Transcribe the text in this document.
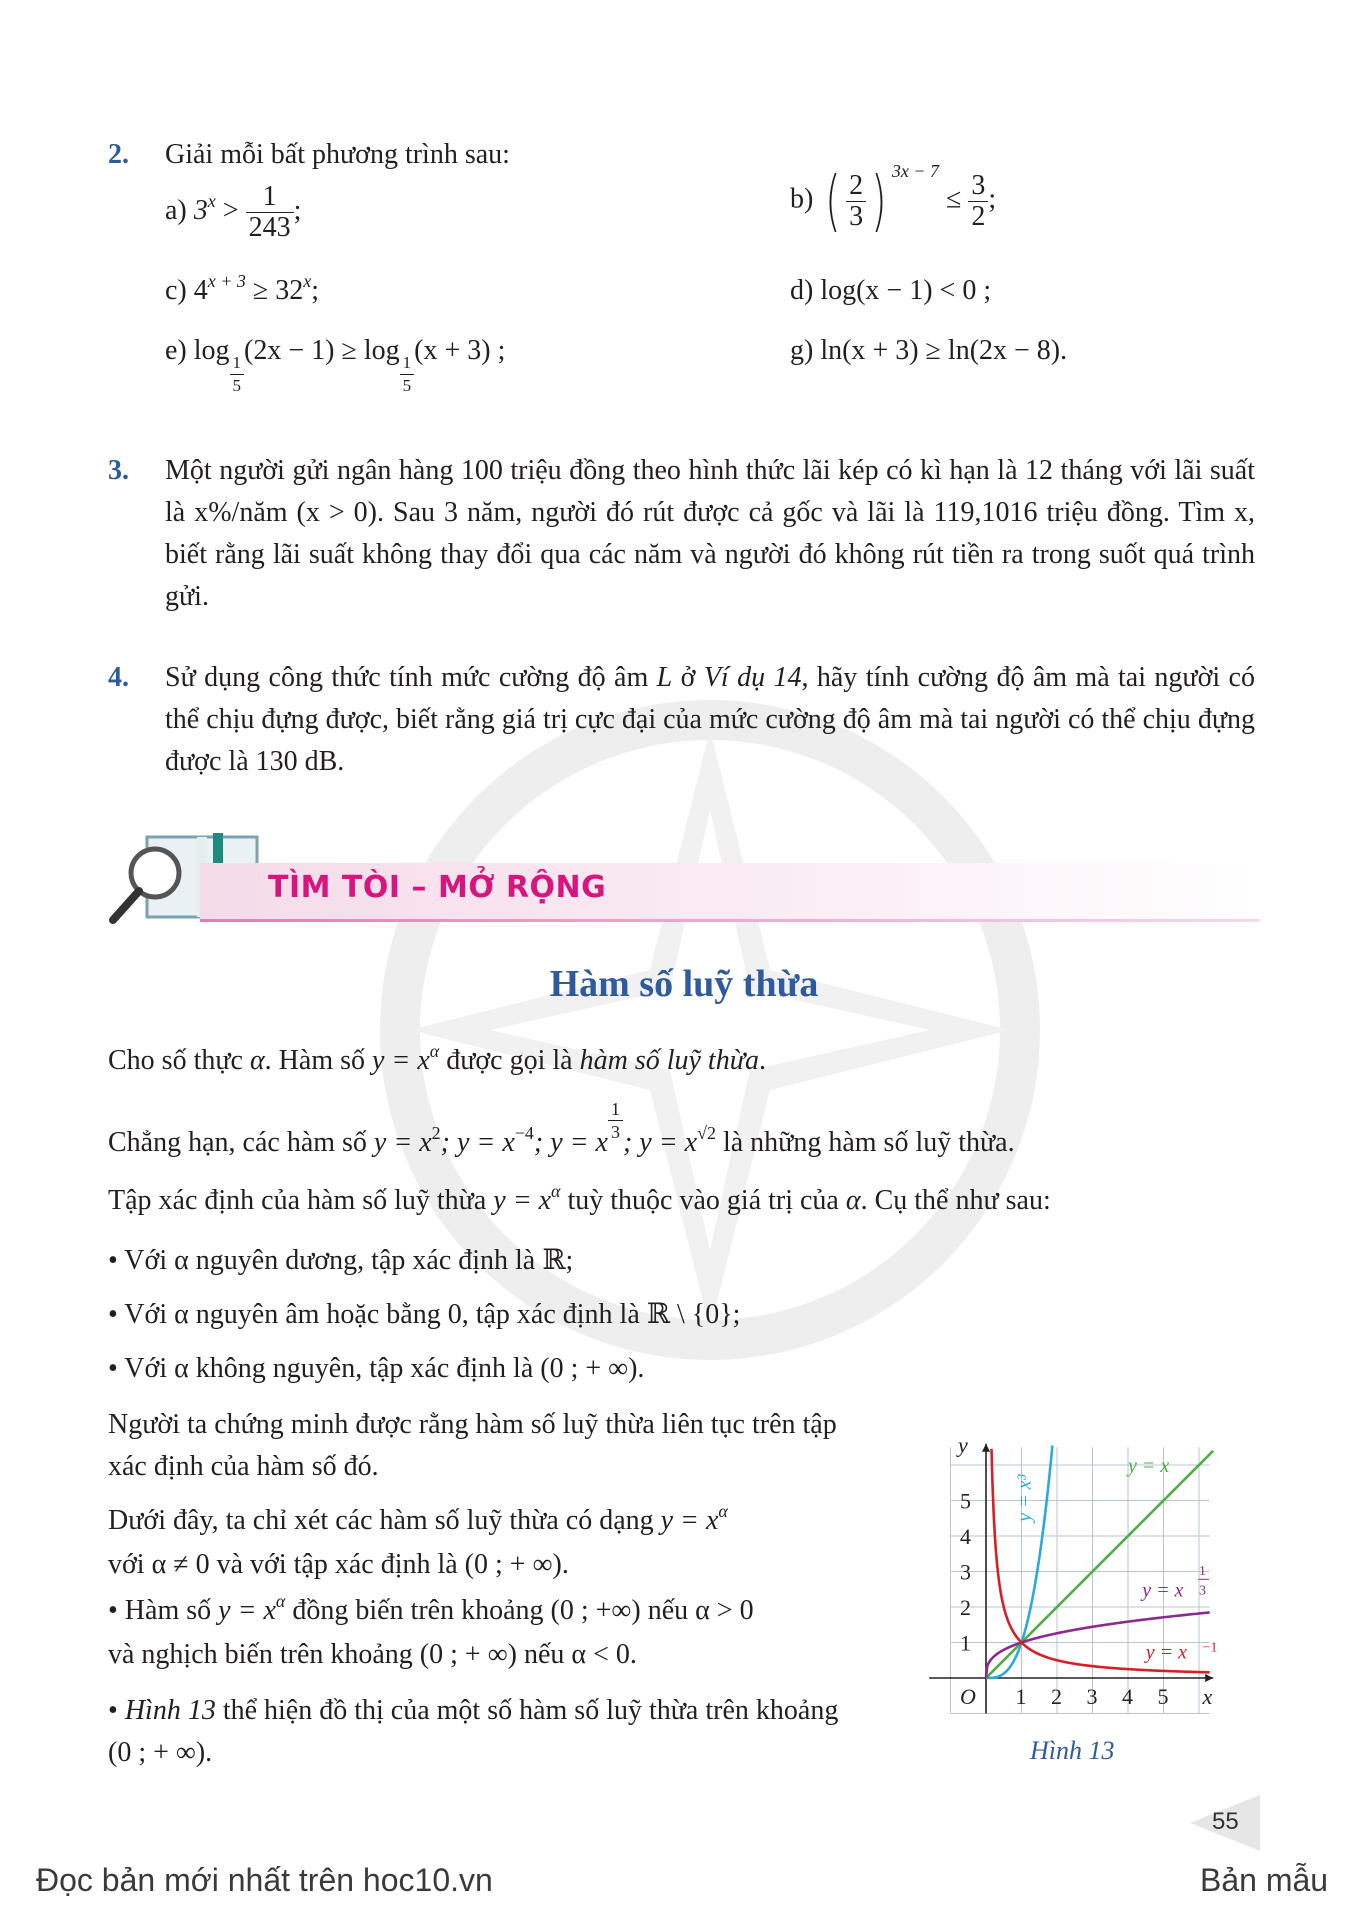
2. Giải mỗi bất phương trình sau:
a) $3^x > \frac{1}{243}$ ;	b) ( $\frac{2}{3}$ ) $^{3x - 7} \le \frac{3}{2}$ ;
c) $4^{x + 3} \ge 32^x$;	d) log(x − 1) < 0 ;
e) log
$\frac{1}{5}$
(2x − 1) ≥ log
$\frac{1}{5}$
(x + 3) ;	g) ln(x + 3) ≥ ln(2x − 8).
3. Một người gửi ngân hàng 100 triệu đồng theo hình thức lãi kép có kì hạn là 12 tháng với lãi suất là x%/năm (x > 0). Sau 3 năm, người đó rút được cả gốc và lãi là 119,1016 triệu đồng. Tìm x, biết rằng lãi suất không thay đổi qua các năm và người đó không rút tiền ra trong suốt quá trình gửi.
4. Sử dụng công thức tính mức cường độ âm L ở Ví dụ 14, hãy tính cường độ âm mà tai người có thể chịu đựng được, biết rằng giá trị cực đại của mức cường độ âm mà tai người có thể chịu đựng được là 130 dB.
TÌM TÒI – MỞ RỘNG
Hàm số luỹ thừa
Cho số thực α. Hàm số $y = x^\alpha$ được gọi là hàm số luỹ thừa.
Chẳng hạn, các hàm số $y = x^2$; $y = x^{-4}$; y = x $\frac{1}{3}$ ; $y = x^{√2}$ là những hàm số luỹ thừa.
Tập xác định của hàm số luỹ thừa $y = x^\alpha$ tuỳ thuộc vào giá trị của α. Cụ thể như sau:
• Với α nguyên dương, tập xác định là ℝ;
• Với α nguyên âm hoặc bằng 0, tập xác định là ℝ \ {0};
• Với α không nguyên, tập xác định là (0 ; + ∞).
Người ta chứng minh được rằng hàm số luỹ thừa liên tục trên tập xác định của hàm số đó.
Dưới đây, ta chỉ xét các hàm số luỹ thừa có dạng $y = x^\alpha$
với α ≠ 0 và với tập xác định là (0 ; + ∞).
• Hàm số $y = x^\alpha$ đồng biến trên khoảng (0 ; +∞) nếu α > 0
và nghịch biến trên khoảng (0 ; + ∞) nếu α < 0.
• Hình 13 thể hiện đồ thị của một số hàm số luỹ thừa trên khoảng (0 ; + ∞).
1 2 3 4 5
1
2
3
4
5
O	x
y
y = x³
y = x
y = x
1
3
y = x −1
Hình 13
55
Đọc bản mới nhất trên hoc10.vn	Bản mẫu
